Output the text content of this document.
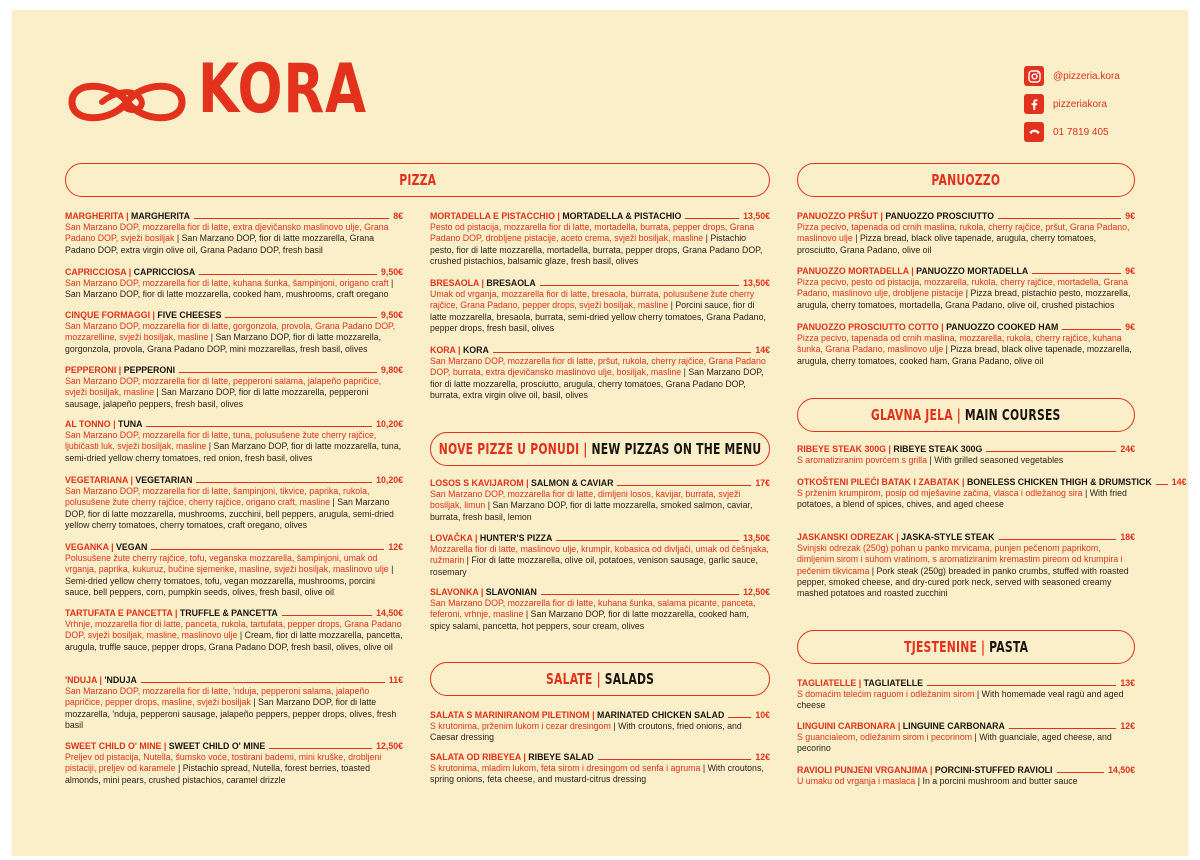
KORA	@pizzeria.kora
pizzeriakora
01 7819 405
PIZZA
NOVE PIZZE U PONUDI | NEW PIZZAS ON THE MENU
SALATE | SALADS
PANUOZZO
GLAVNA JELA | MAIN COURSES
TJESTENINE | PASTA
MARGHERITA | MARGHERITA	8€
San Marzano DOP, mozzarella fior di latte, extra djevičansko maslinovo ulje, Grana Padano DOP, svježi bosiljak | San Marzano DOP, fior di latte mozzarella, Grana Padano DOP, extra virgin olive oil, Grana Padano DOP, fresh basil
CAPRICCIOSA | CAPRICCIOSA	9,50€
San Marzano DOP, mozzarella fior di latte, kuhana šunka, šampinjoni, origano craft | San Marzano DOP, fior di latte mozzarella, cooked ham, mushrooms, craft oregano
CINQUE FORMAGGI | FIVE CHEESES	9,50€
San Marzano DOP, mozzarella fior di latte, gorgonzola, provola, Grana Padano DOP, mozzarelline, svježi bosiljak, masline | San Marzano DOP, fior di latte mozzarella, gorgonzola, provola, Grana Padano DOP, mini mozzarellas, fresh basil, olives
PEPPERONI | PEPPERONI	9,80€
San Marzano DOP, mozzarella fior di latte, pepperoni salama, jalapeño papričice, svježi bosiljak, masline | San Marzano DOP, fior di latte mozzarella, pepperoni sausage, jalapeño peppers, fresh basil, olives
AL TONNO | TUNA	10,20€
San Marzano DOP, mozzarella fior di latte, tuna, polusušene žute cherry rajčice, ljubičasti luk, svježi bosiljak, masline | San Marzano DOP, fior di latte mozzarella, tuna, semi-dried yellow cherry tomatoes, red onion, fresh basil, olives
VEGETARIANA | VEGETARIAN	10,20€
San Marzano DOP, mozzarella fior di latte, šampinjoni, tikvice, paprika, rukola, polusušene žute cherry rajčice, cherry rajčice, origano craft, masline | San Marzano DOP, fior di latte mozzarella, mushrooms, zucchini, bell peppers, arugula, semi-dried yellow cherry tomatoes, cherry tomatoes, craft oregano, olives
VEGANKA | VEGAN	12€
Polusušene žute cherry rajčice, tofu, veganska mozzarella, šampinjoni, umak od vrganja, paprika, kukuruz, bučine sjemenke, masline, svježi bosiljak, maslinovo ulje | Semi-dried yellow cherry tomatoes, tofu, vegan mozzarella, mushrooms, porcini sauce, bell peppers, corn, pumpkin seeds, olives, fresh basil, olive oil
TARTUFATA E PANCETTA | TRUFFLE & PANCETTA	14,50€
Vrhnje, mozzarella fior di latte, panceta, rukola, tartufata, pepper drops, Grana Padano DOP, svježi bosiljak, masline, maslinovo ulje | Cream, fior di latte mozzarella, pancetta, arugula, truffle sauce, pepper drops, Grana Padano DOP, fresh basil, olives, olive oil
'NDUJA | 'NDUJA	11€
San Marzano DOP, mozzarella fior di latte, 'nduja, pepperoni salama, jalapeño papričice, pepper drops, masline, svježi bosiljak | San Marzano DOP, fior di latte mozzarella, 'nduja, pepperoni sausage, jalapeño peppers, pepper drops, olives, fresh basil
SWEET CHILD O' MINE | SWEET CHILD O' MINE	12,50€
Preljev od pistacija, Nutella, šumsko voće, tostirani bademi, mini kruške, drobljeni pistaciji, preljev od karamele | Pistachio spread, Nutella, forest berries, toasted almonds, mini pears, crushed pistachios, caramel drizzle
MORTADELLA E PISTACCHIO | MORTADELLA & PISTACHIO	13,50€
Pesto od pistacija, mozzarella fior di latte, mortadella, burrata, pepper drops, Grana Padano DOP, drobljene pistacije, aceto crema, svježi bosiljak, masline | Pistachio pesto, fior di latte mozzarella, mortadella, burrata, pepper drops, Grana Padano DOP, crushed pistachios, balsamic glaze, fresh basil, olives
BRESAOLA | BRESAOLA	13,50€
Umak od vrganja, mozzarella fior di latte, bresaola, burrata, polusušene žute cherry rajčice, Grana Padano, pepper drops, svježi bosiljak, masline | Porcini sauce, fior di latte mozzarella, bresaola, burrata, semi-dried yellow cherry tomatoes, Grana Padano, pepper drops, fresh basil, olives
KORA | KORA	14€
San Marzano DOP, mozzarella fior di latte, pršut, rukola, cherry rajčice, Grana Padano DOP, burrata, extra djevičansko maslinovo ulje, bosiljak, masline | San Marzano DOP, fior di latte mozzarella, prosciutto, arugula, cherry tomatoes, Grana Padano DOP, burrata, extra virgin olive oil, basil, olives
LOSOS S KAVIJAROM | SALMON & CAVIAR	17€
San Marzano DOP, mozzarella fior di latte, dimljeni losos, kavijar, burrata, svježi bosiljak, limun | San Marzano DOP, fior di latte mozzarella, smoked salmon, caviar, burrata, fresh basil, lemon
LOVAČKA | HUNTER'S PIZZA	13,50€
Mozzarella fior di latte, maslinovo ulje, krumpir, kobasica od divljači, umak od češnjaka, ružmarin | Fior di latte mozzarella, olive oil, potatoes, venison sausage, garlic sauce, rosemary
SLAVONKA | SLAVONIAN	12,50€
San Marzano DOP, mozzarella fior di latte, kuhana šunka, salama picante, panceta, feferoni, vrhnje, masline | San Marzano DOP, fior di latte mozzarella, cooked ham, spicy salami, pancetta, hot peppers, sour cream, olives
SALATA S MARINIRANOM PILETINOM | MARINATED CHICKEN SALAD	10€
S krutonima, prženim lukom i cezar dresingom | With croutons, fried onions, and Caesar dressing
SALATA OD RIBEYEA | RIBEYE SALAD	12€
S krutonima, mladim lukom, feta sirom i dresingom od senfa i agruma | With croutons, spring onions, feta cheese, and mustard-citrus dressing
PANUOZZO PRŠUT | PANUOZZO PROSCIUTTO	9€
Pizza pecivo, tapenada od crnih maslina, rukola, cherry rajčice, pršut, Grana Padano, maslinovo ulje | Pizza bread, black olive tapenade, arugula, cherry tomatoes, prosciutto, Grana Padano, olive oil
PANUOZZO MORTADELLA | PANUOZZO MORTADELLA	9€
Pizza pecivo, pesto od pistacija, mozzarella, rukola, cherry rajčice, mortadella, Grana Padano, maslinovo ulje, drobljene pistacije | Pizza bread, pistachio pesto, mozzarella, arugula, cherry tomatoes, mortadella, Grana Padano, olive oil, crushed pistachios
PANUOZZO PROSCIUTTO COTTO | PANUOZZO COOKED HAM	9€
Pizza pecivo, tapenada od crnih maslina, mozzarella, rukola, cherry rajčice, kuhana šunka, Grana Padano, maslinovo ulje | Pizza bread, black olive tapenade, mozzarella, arugula, cherry tomatoes, cooked ham, Grana Padano, olive oil
RIBEYE STEAK 300G | RIBEYE STEAK 300G	24€
S aromatiziranim povrćem s grilla | With grilled seasoned vegetables
OTKOŠTENI PILEĆI BATAK I ZABATAK | BONELESS CHICKEN THIGH & DRUMSTICK 14€
S prženim krumpirom, posip od mješavine začina, vlasca i odležanog sira | With fried potatoes, a blend of spices, chives, and aged cheese
JASKANSKI ODREZAK | JASKA-STYLE STEAK	18€
Svinjski odrezak (250g) pohan u panko mrvicama, punjen pečenom paprikom, dimljenim sirom i suhom vratinom, s aromatiziranim kremastim pireom od krumpira i pečenim tikvicama | Pork steak (250g) breaded in panko crumbs, stuffed with roasted pepper, smoked cheese, and dry-cured pork neck, served with seasoned creamy mashed potatoes and roasted zucchini
TAGLIATELLE | TAGLIATELLE	13€
S domaćim telećim raguom i odležanim sirom | With homemade veal ragù and aged cheese
LINGUINI CARBONARA | LINGUINE CARBONARA	12€
S guancialeom, odležanim sirom i pecorinom | With guanciale, aged cheese, and pecorino
RAVIOLI PUNJENI VRGANJIMA | PORCINI-STUFFED RAVIOLI	14,50€
U umaku od vrganja i maslaca | In a porcini mushroom and butter sauce
